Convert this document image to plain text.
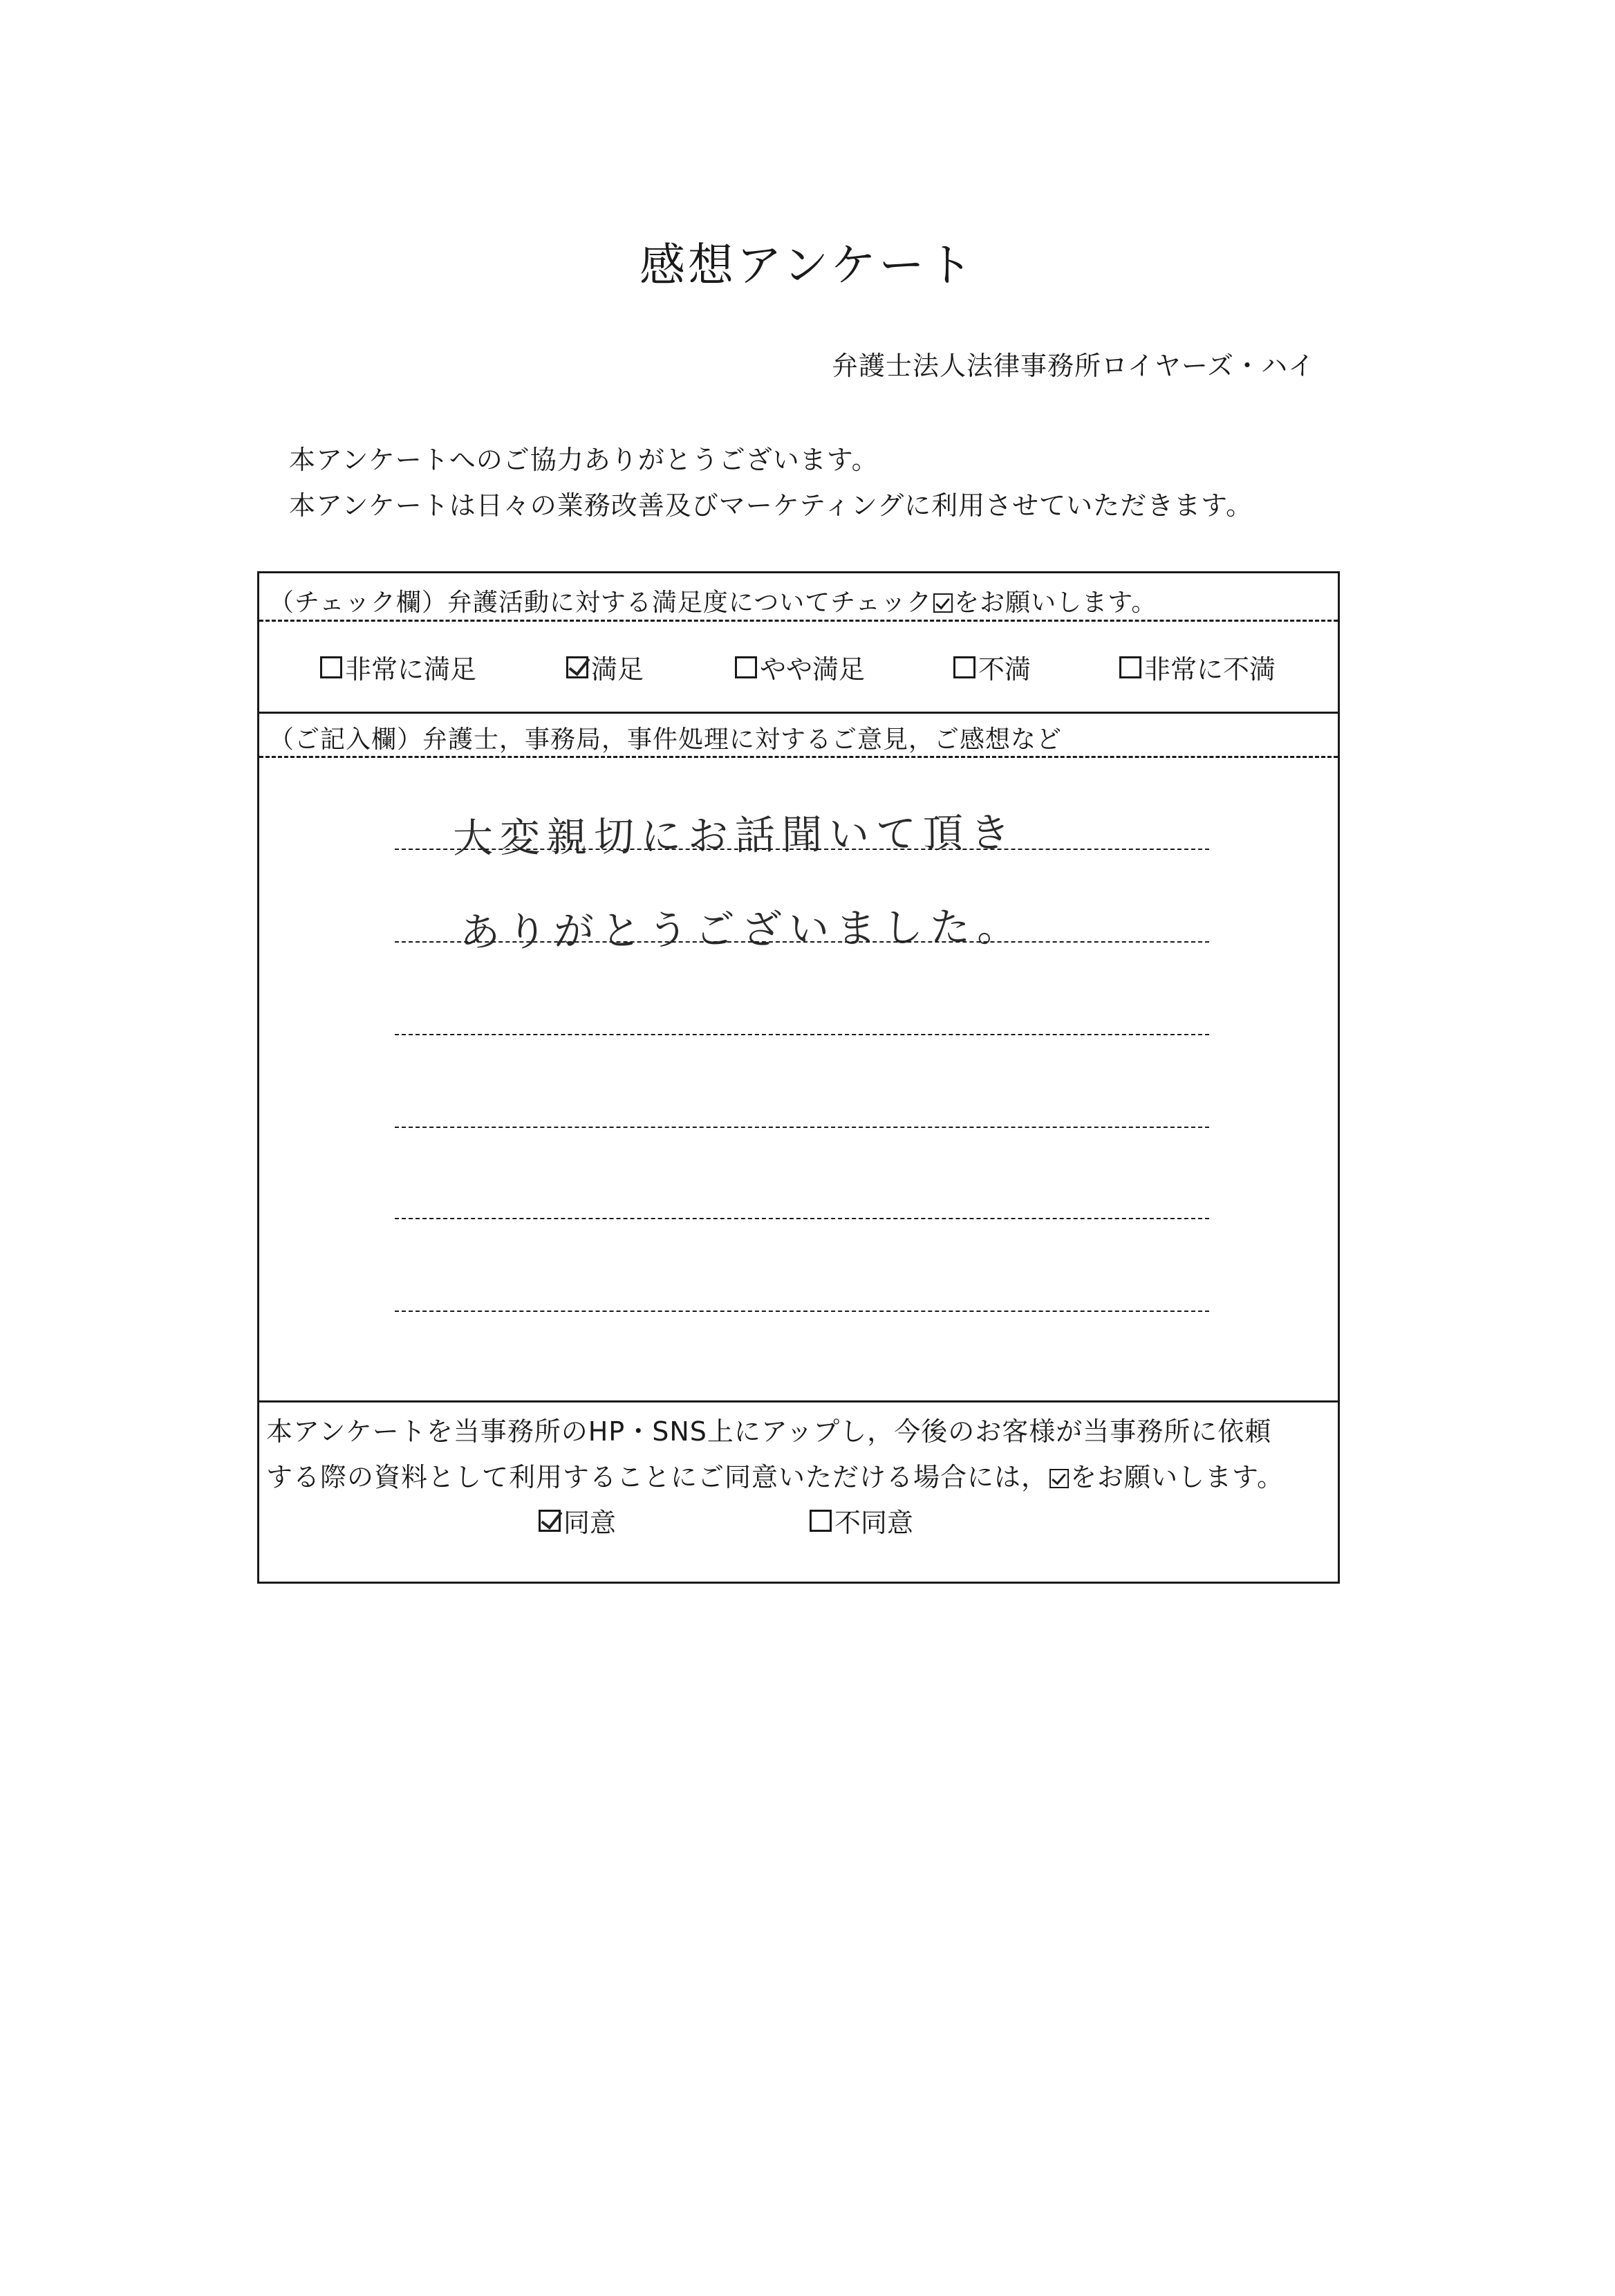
感想アンケート
弁護士法人法律事務所ロイヤーズ・ハイ
本アンケートへのご協力ありがとうございます。
本アンケートは日々の業務改善及びマーケティングに利用させていただきます。
（チェック欄）弁護活動に対する満足度についてチェック をお願いします。
非常に満足	満足	やや満足	不満	非常に不満
（ご記入欄）弁護士，事務局，事件処理に対するご意見，ご感想など
大変親切にお話聞いて頂き
ありがとうございました。
本アンケートを当事務所のHP・SNS上にアップし，今後のお客様が当事務所に依頼
する際の資料として利用することにご同意いただける場合には， をお願いします。
同意	不同意
